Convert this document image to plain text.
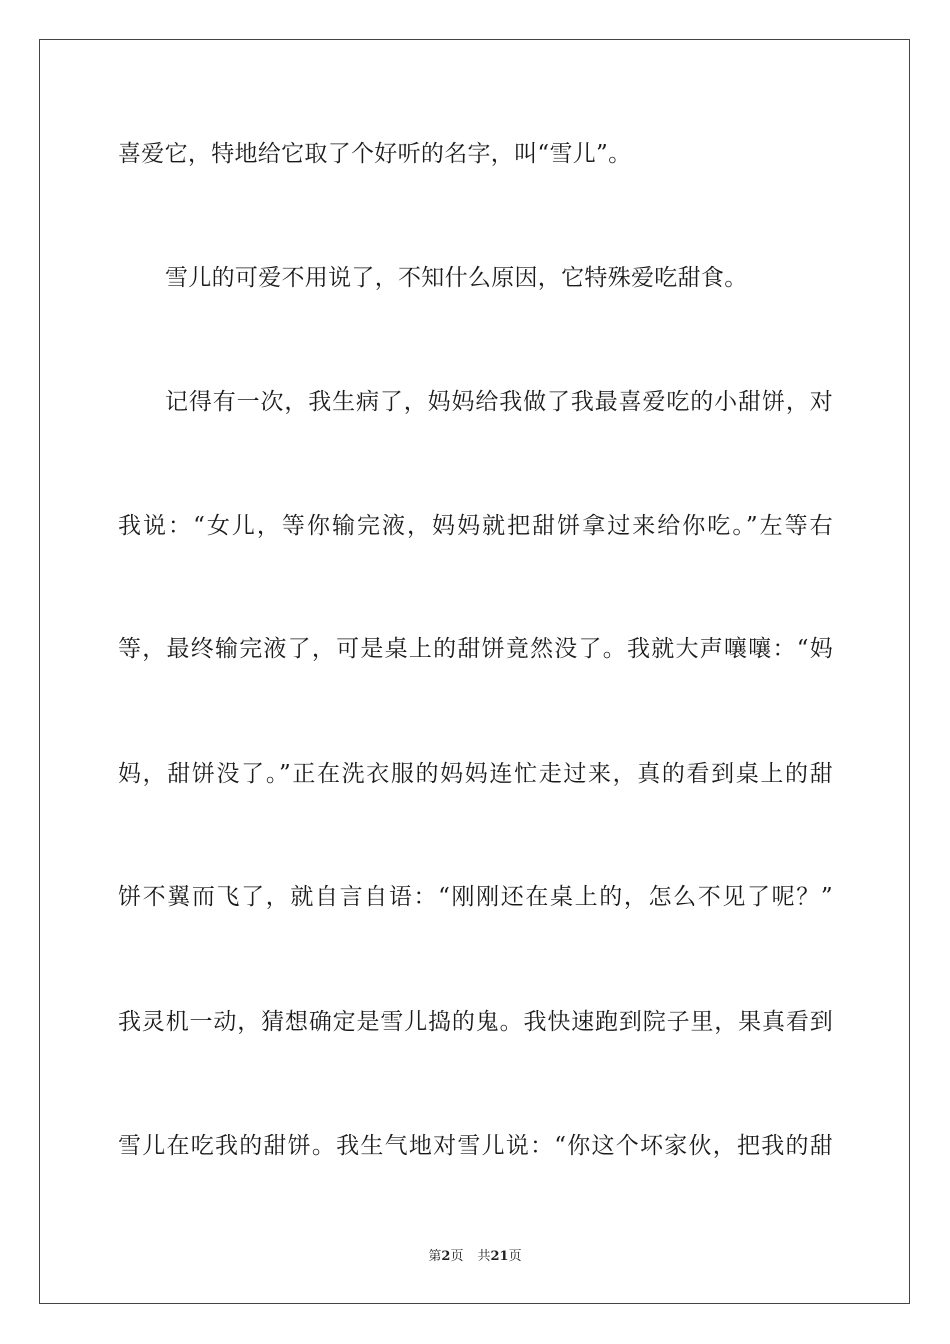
喜爱它，特地给它取了个好听的名字，叫“雪儿”。
雪儿的可爱不用说了，不知什么原因，它特殊爱吃甜食。
记得有一次，我生病了，妈妈给我做了我最喜爱吃的小甜饼，对
我说：“女儿，等你输完液，妈妈就把甜饼拿过来给你吃。”左等右
等，最终输完液了，可是桌上的甜饼竟然没了。我就大声嚷嚷：“妈
妈，甜饼没了。”正在洗衣服的妈妈连忙走过来，真的看到桌上的甜
饼不翼而飞了，就自言自语：“刚刚还在桌上的，怎么不见了呢？”
我灵机一动，猜想确定是雪儿捣的鬼。我快速跑到院子里，果真看到
雪儿在吃我的甜饼。我生气地对雪儿说：“你这个坏家伙，把我的甜
第2页 共21页
